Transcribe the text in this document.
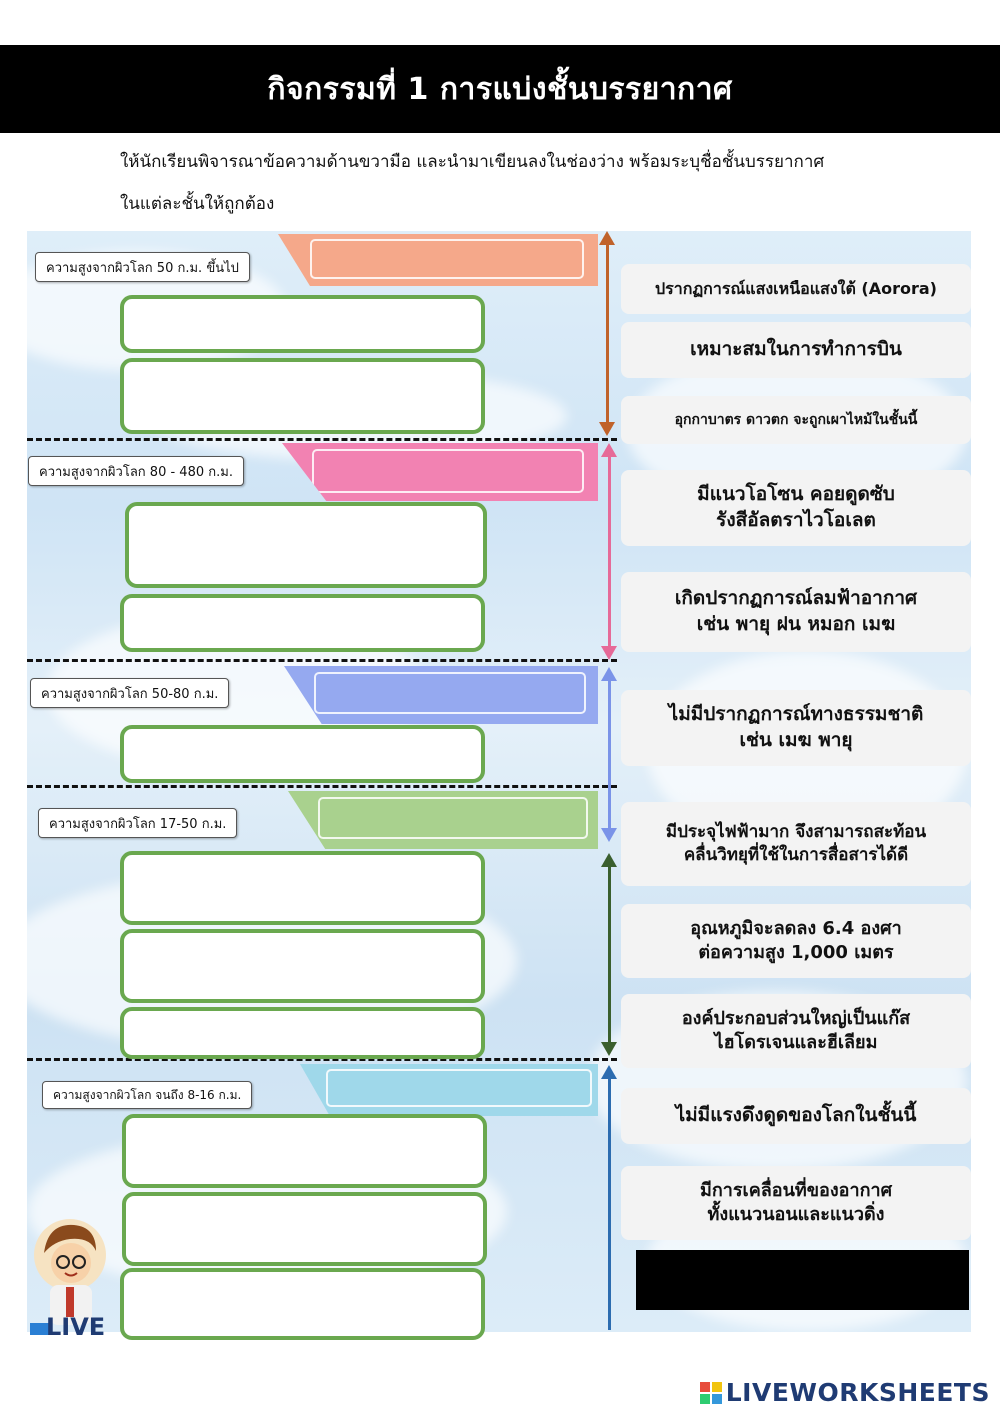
กิจกรรมที่ 1 การแบ่งชั้นบรรยากาศ
ให้นักเรียนพิจารณาข้อความด้านขวามือ และนำมาเขียนลงในช่องว่าง พร้อมระบุชื่อชั้นบรรยากาศ
ในแต่ละชั้นให้ถูกต้อง
ความสูงจากผิวโลก 50 ก.ม. ขึ้นไป
ความสูงจากผิวโลก 80 - 480 ก.ม.
ความสูงจากผิวโลก 50-80 ก.ม.
ความสูงจากผิวโลก 17-50 ก.ม.
ความสูงจากผิวโลก จนถึง 8-16 ก.ม.
LIVE
ปรากฏการณ์แสงเหนือแสงใต้ (Aorora)
เหมาะสมในการทำการบิน
อุกกาบาตร ดาวตก จะถูกเผาไหม้ในชั้นนี้
มีแนวโอโซน คอยดูดซับ
รังสีอัลตราไวโอเลต
เกิดปรากฏการณ์ลมฟ้าอากาศ
เช่น พายุ ฝน หมอก เมฆ
ไม่มีปรากฏการณ์ทางธรรมชาติ
เช่น เมฆ พายุ
มีประจุไฟฟ้ามาก จึงสามารถสะท้อน
คลื่นวิทยุที่ใช้ในการสื่อสารได้ดี
อุณหภูมิจะลดลง 6.4 องศา
ต่อความสูง 1,000 เมตร
องค์ประกอบส่วนใหญ่เป็นแก๊ส
ไฮโดรเจนและฮีเลียม
ไม่มีแรงดึงดูดของโลกในชั้นนี้
มีการเคลื่อนที่ของอากาศ
ทั้งแนวนอนและแนวดิ่ง
LIVEWORKSHEETS
